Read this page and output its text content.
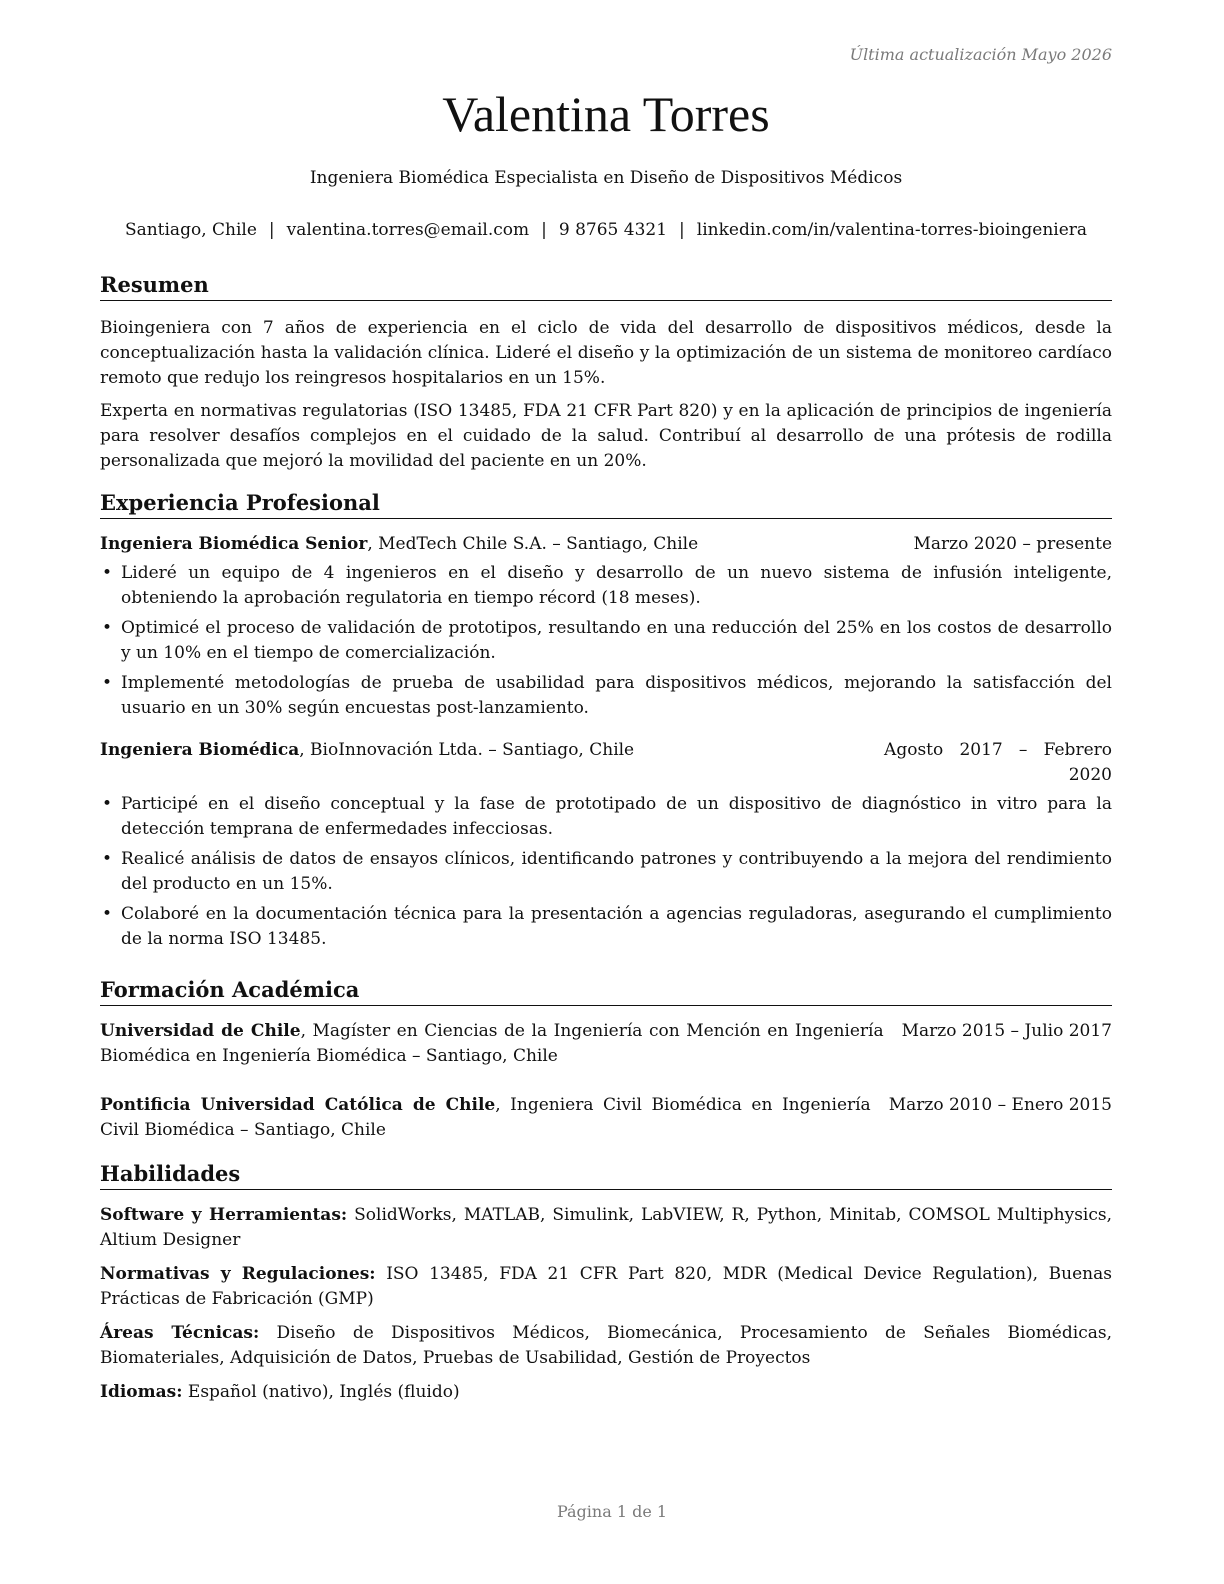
Última actualización Mayo 2026
Valentina Torres
Ingeniera Biomédica Especialista en Diseño de Dispositivos Médicos
Santiago, Chile | valentina.torres@email.com | 9 8765 4321 | linkedin.com/in/valentina-torres-bioingeniera
Resumen

Bioingeniera con 7 años de experiencia en el ciclo de vida del desarrollo de dispositivos médicos, desde la conceptualización hasta la validación clínica. Lideré el diseño y la optimización de un sistema de monitoreo cardíaco remoto que redujo los reingresos hospitalarios en un 15%.

Experta en normativas regulatorias (ISO 13485, FDA 21 CFR Part 820) y en la aplicación de principios de ingeniería para resolver desafíos complejos en el cuidado de la salud. Contribuí al desarrollo de una prótesis de rodilla personalizada que mejoró la movilidad del paciente en un 20%.

Experiencia Profesional
Ingeniera Biomédica Senior, MedTech Chile S.A. – Santiago, Chile	Marzo 2020 – presente
• Lideré un equipo de 4 ingenieros en el diseño y desarrollo de un nuevo sistema de infusión inteligente, obteniendo la aprobación regulatoria en tiempo récord (18 meses).
• Optimicé el proceso de validación de prototipos, resultando en una reducción del 25% en los costos de desarrollo y un 10% en el tiempo de comercialización.
• Implementé metodologías de prueba de usabilidad para dispositivos médicos, mejorando la satisfacción del usuario en un 30% según encuestas post-lanzamiento.
Ingeniera Biomédica, BioInnovación Ltda. – Santiago, Chile	Agosto   2017   –   Febrero
2020
• Participé en el diseño conceptual y la fase de prototipado de un dispositivo de diagnóstico in vitro para la detección temprana de enfermedades infecciosas.
• Realicé análisis de datos de ensayos clínicos, identificando patrones y contribuyendo a la mejora del rendimiento del producto en un 15%.
• Colaboré en la documentación técnica para la presentación a agencias reguladoras, asegurando el cumplimiento de la norma ISO 13485.
Formación Académica
Universidad de Chile, Magíster en Ciencias de la Ingeniería con Mención en Ingeniería Biomédica en Ingeniería Biomédica – Santiago, Chile
Marzo 2015 – Julio 2017
Pontificia Universidad Católica de Chile, Ingeniera Civil Biomédica en Ingeniería Civil Biomédica – Santiago, Chile
Marzo 2010 – Enero 2015
Habilidades

Software y Herramientas: SolidWorks, MATLAB, Simulink, LabVIEW, R, Python, Minitab, COMSOL Multiphysics, Altium Designer

Normativas y Regulaciones: ISO 13485, FDA 21 CFR Part 820, MDR (Medical Device Regulation), Buenas Prácticas de Fabricación (GMP)

Áreas Técnicas: Diseño de Dispositivos Médicos, Biomecánica, Procesamiento de Señales Biomédicas, Biomateriales, Adquisición de Datos, Pruebas de Usabilidad, Gestión de Proyectos

Idiomas: Español (nativo), Inglés (fluido)

Página 1 de 1
